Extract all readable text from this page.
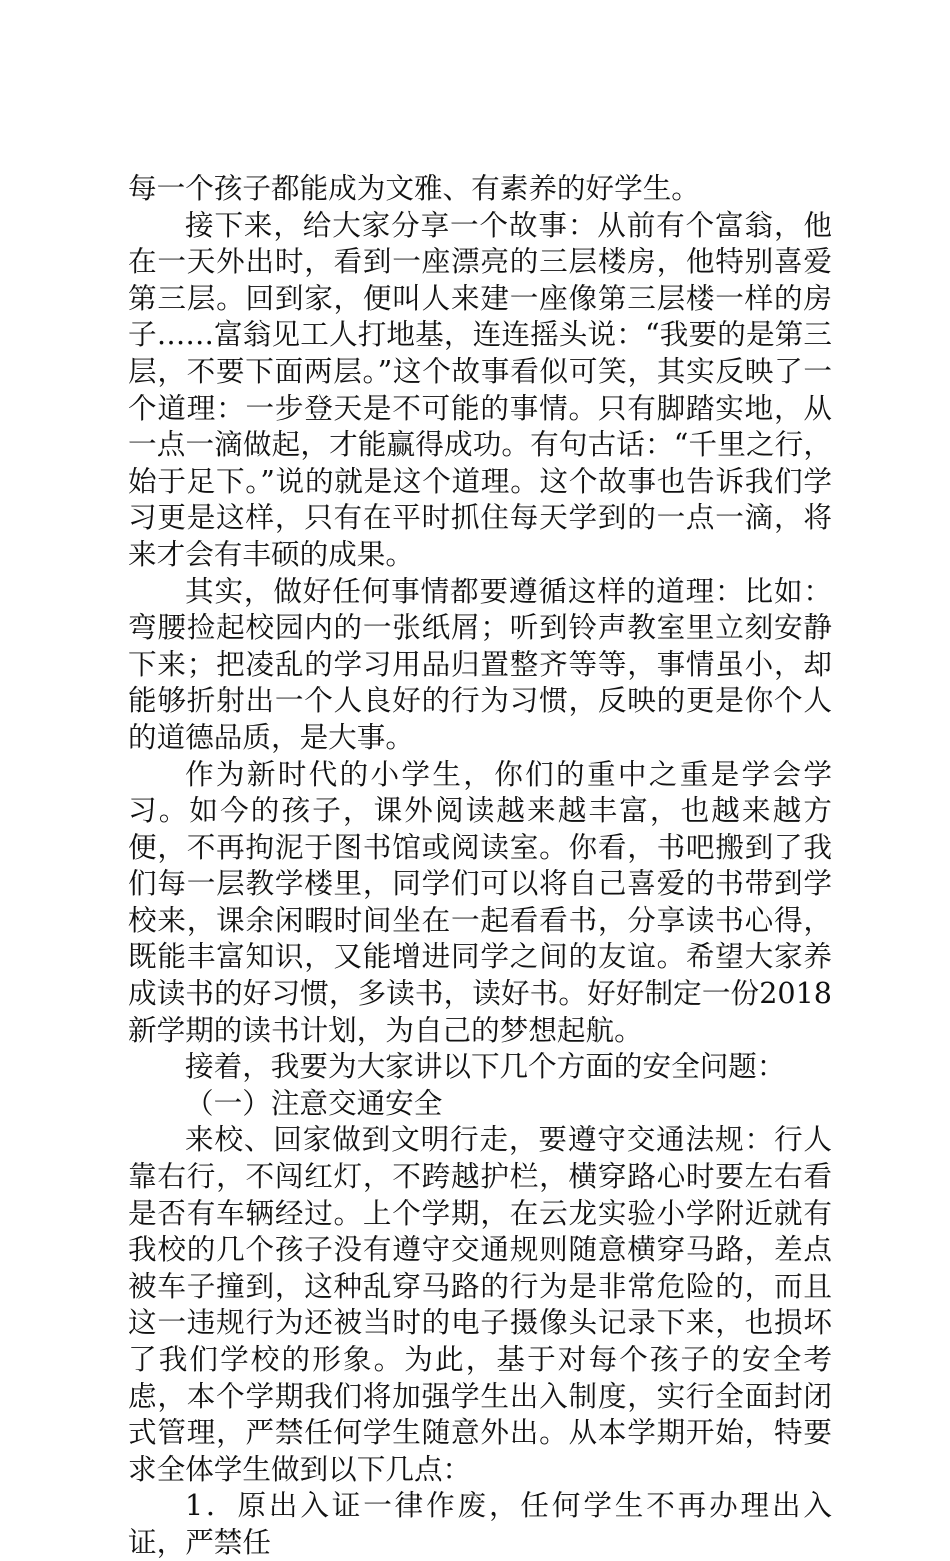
每一个孩子都能成为文雅、有素养的好学生。

接下来，给大家分享一个故事：从前有个富翁，他在一天外出时，看到一座漂亮的三层楼房，他特别喜爱第三层。回到家，便叫人来建一座像第三层楼一样的房子……富翁见工人打地基，连连摇头说：“我要的是第三层，不要下面两层。”这个故事看似可笑，其实反映了一个道理：一步登天是不可能的事情。只有脚踏实地，从一点一滴做起，才能赢得成功。有句古话：“千里之行，始于足下。”说的就是这个道理。这个故事也告诉我们学习更是这样，只有在平时抓住每天学到的一点一滴，将来才会有丰硕的成果。

其实，做好任何事情都要遵循这样的道理：比如：弯腰捡起校园内的一张纸屑；听到铃声教室里立刻安静下来；把凌乱的学习用品归置整齐等等，事情虽小，却能够折射出一个人良好的行为习惯，反映的更是你个人的道德品质，是大事。

作为新时代的小学生，你们的重中之重是学会学习。如今的孩子，课外阅读越来越丰富，也越来越方便，不再拘泥于图书馆或阅读室。你看，书吧搬到了我们每一层教学楼里，同学们可以将自己喜爱的书带到学校来，课余闲暇时间坐在一起看看书，分享读书心得，既能丰富知识，又能增进同学之间的友谊。希望大家养成读书的好习惯，多读书，读好书。好好制定一份2018新学期的读书计划，为自己的梦想起航。

接着，我要为大家讲以下几个方面的安全问题：

（一）注意交通安全

来校、回家做到文明行走，要遵守交通法规：行人靠右行，不闯红灯，不跨越护栏，横穿路心时要左右看是否有车辆经过。上个学期，在云龙实验小学附近就有我校的几个孩子没有遵守交通规则随意横穿马路，差点被车子撞到，这种乱穿马路的行为是非常危险的，而且这一违规行为还被当时的电子摄像头记录下来，也损坏了我们学校的形象。为此，基于对每个孩子的安全考虑，本个学期我们将加强学生出入制度，实行全面封闭式管理，严禁任何学生随意外出。从本学期开始，特要求全体学生做到以下几点：

1．原出入证一律作废，任何学生不再办理出入证，严禁任
